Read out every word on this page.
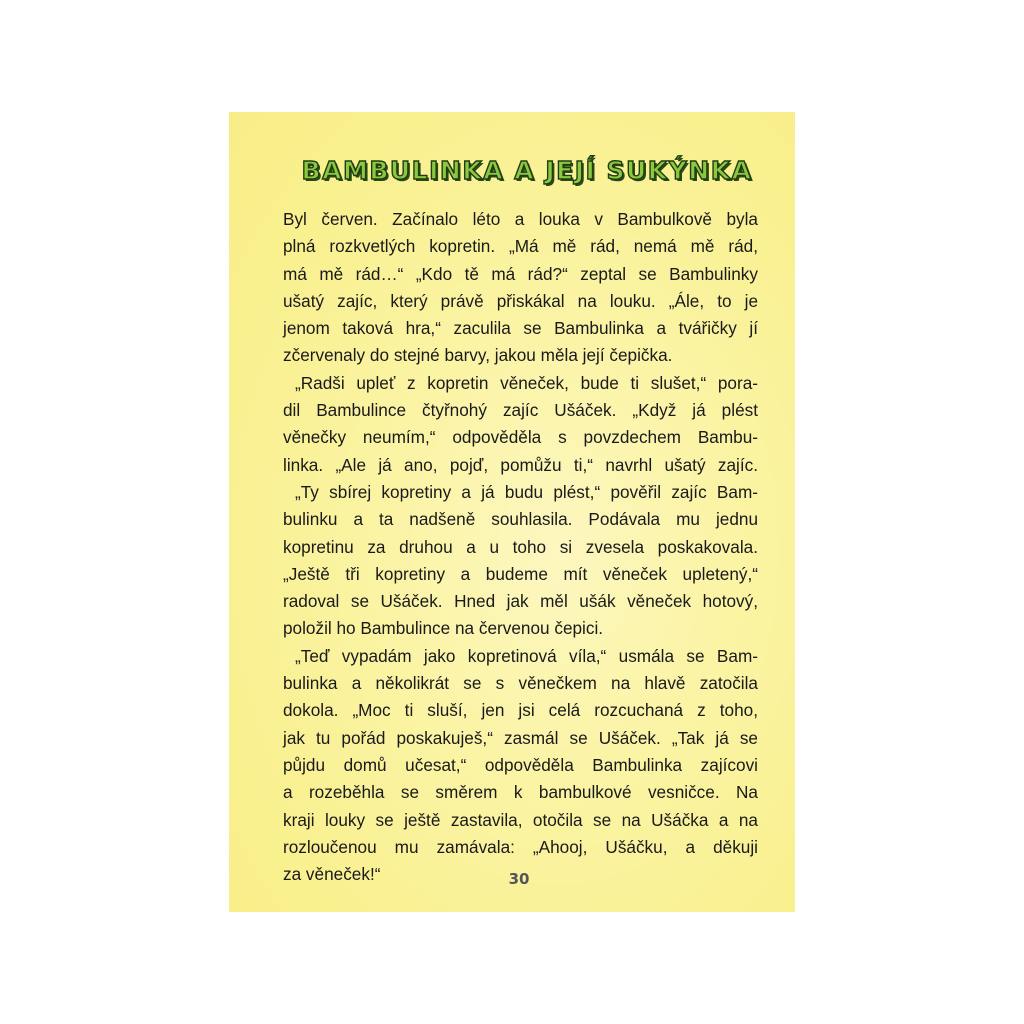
BAMBULINKA A JEJÍ SUKÝNKA
Byl červen. Začínalo léto a louka v Bambulkově byla
plná rozkvetlých kopretin. „Má mě rád, nemá mě rád,
má mě rád…“ „Kdo tě má rád?“ zeptal se Bambulinky
ušatý zajíc, který právě přiskákal na louku. „Ále, to je
jenom taková hra,“ zaculila se Bambulinka a tvářičky jí
zčervenaly do stejné barvy, jakou měla její čepička.
„Radši upleť z kopretin věneček, bude ti slušet,“ pora-
dil Bambulince čtyřnohý zajíc Ušáček. „Když já plést
věnečky neumím,“ odpověděla s povzdechem Bambu-
linka. „Ale já ano, pojď, pomůžu ti,“ navrhl ušatý zajíc.
„Ty sbírej kopretiny a já budu plést,“ pověřil zajíc Bam-
bulinku a ta nadšeně souhlasila. Podávala mu jednu
kopretinu za druhou a u toho si zvesela poskakovala.
„Ještě tři kopretiny a budeme mít věneček upletený,“
radoval se Ušáček. Hned jak měl ušák věneček hotový,
položil ho Bambulince na červenou čepici.
„Teď vypadám jako kopretinová víla,“ usmála se Bam-
bulinka a několikrát se s věnečkem na hlavě zatočila
dokola. „Moc ti sluší, jen jsi celá rozcuchaná z toho,
jak tu pořád poskakuješ,“ zasmál se Ušáček. „Tak já se
půjdu domů učesat,“ odpověděla Bambulinka zajícovi
a rozeběhla se směrem k bambulkové vesničce. Na
kraji louky se ještě zastavila, otočila se na Ušáčka a na
rozloučenou mu zamávala: „Ahooj, Ušáčku, a děkuji
za věneček!“	30
